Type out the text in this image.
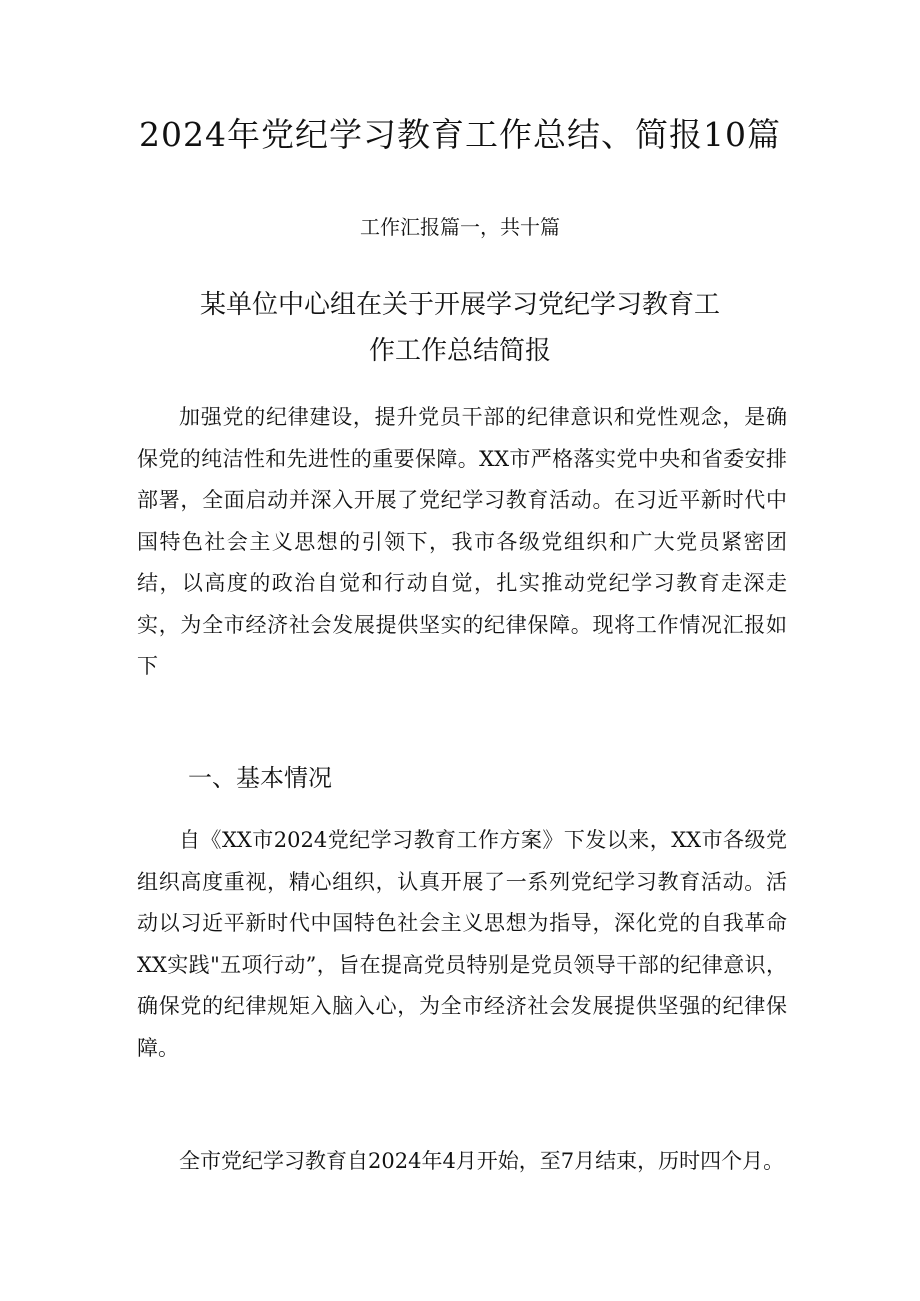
2024年党纪学习教育工作总结、简报10篇

工作汇报篇一，共十篇

某单位中心组在关于开展学习党纪学习教育工
作工作总结简报

加强党的纪律建设，提升党员干部的纪律意识和党性观念，是确保党的纯洁性和先进性的重要保障。XX市严格落实党中央和省委安排部署，全面启动并深入开展了党纪学习教育活动。在习近平新时代中国特色社会主义思想的引领下，我市各级党组织和广大党员紧密团结，以高度的政治自觉和行动自觉，扎实推动党纪学习教育走深走实，为全市经济社会发展提供坚实的纪律保障。现将工作情况汇报如下

一、基本情况

自《XX市2024党纪学习教育工作方案》下发以来，XX市各级党组织高度重视，精心组织，认真开展了一系列党纪学习教育活动。活动以习近平新时代中国特色社会主义思想为指导，深化党的自我革命XX实践"五项行动”，旨在提高党员特别是党员领导干部的纪律意识，确保党的纪律规矩入脑入心，为全市经济社会发展提供坚强的纪律保障。

全市党纪学习教育自2024年4月开始，至7月结束，历时四个月。
